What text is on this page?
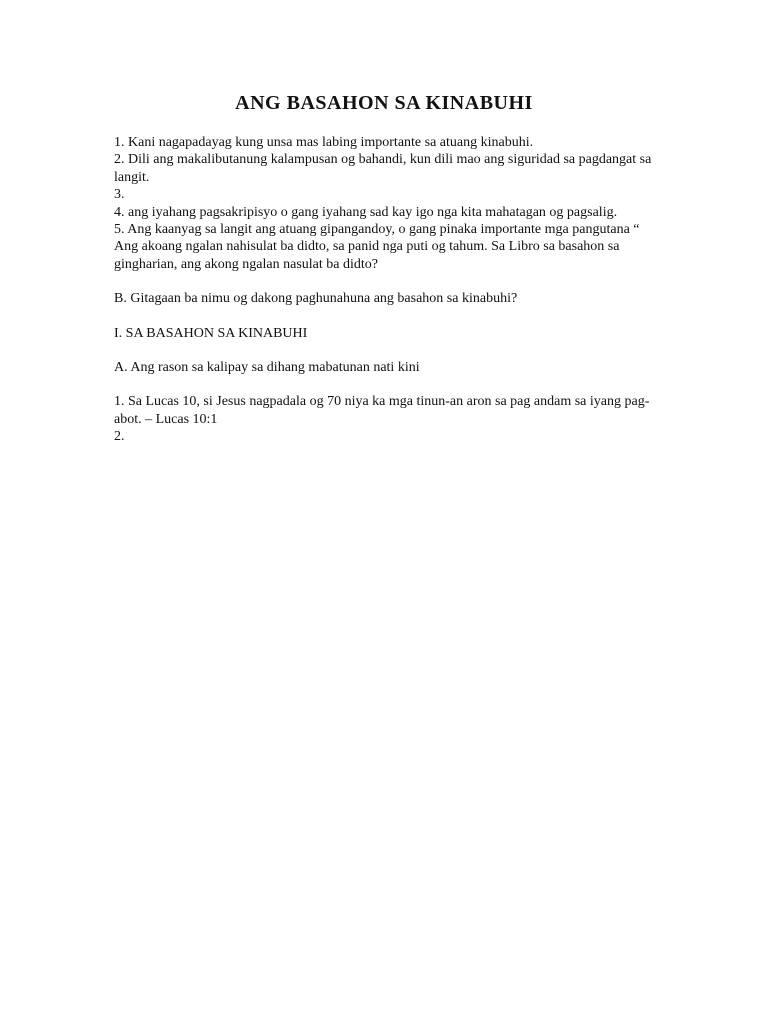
ANG BASAHON SA KINABUHI

1. Kani nagapadayag kung unsa mas labing importante sa atuang kinabuhi.

2. Dili ang makalibutanung kalampusan og bahandi, kun dili mao ang siguridad sa pagdangat sa langit.

3.

4. ang iyahang pagsakripisyo o gang iyahang sad kay igo nga kita mahatagan og pagsalig.

5. Ang kaanyag sa langit ang atuang gipangandoy, o gang pinaka importante mga pangutana “ Ang akoang ngalan nahisulat ba didto, sa panid nga puti og tahum. Sa Libro sa basahon sa gingharian, ang akong ngalan nasulat ba didto?

B. Gitagaan ba nimu og dakong paghunahuna ang basahon sa kinabuhi?

I. SA BASAHON SA KINABUHI

A. Ang rason sa kalipay sa dihang mabatunan nati kini

1. Sa Lucas 10, si Jesus nagpadala og 70 niya ka mga tinun-an aron sa pag andam sa iyang pag-abot. – Lucas 10:1

2.
